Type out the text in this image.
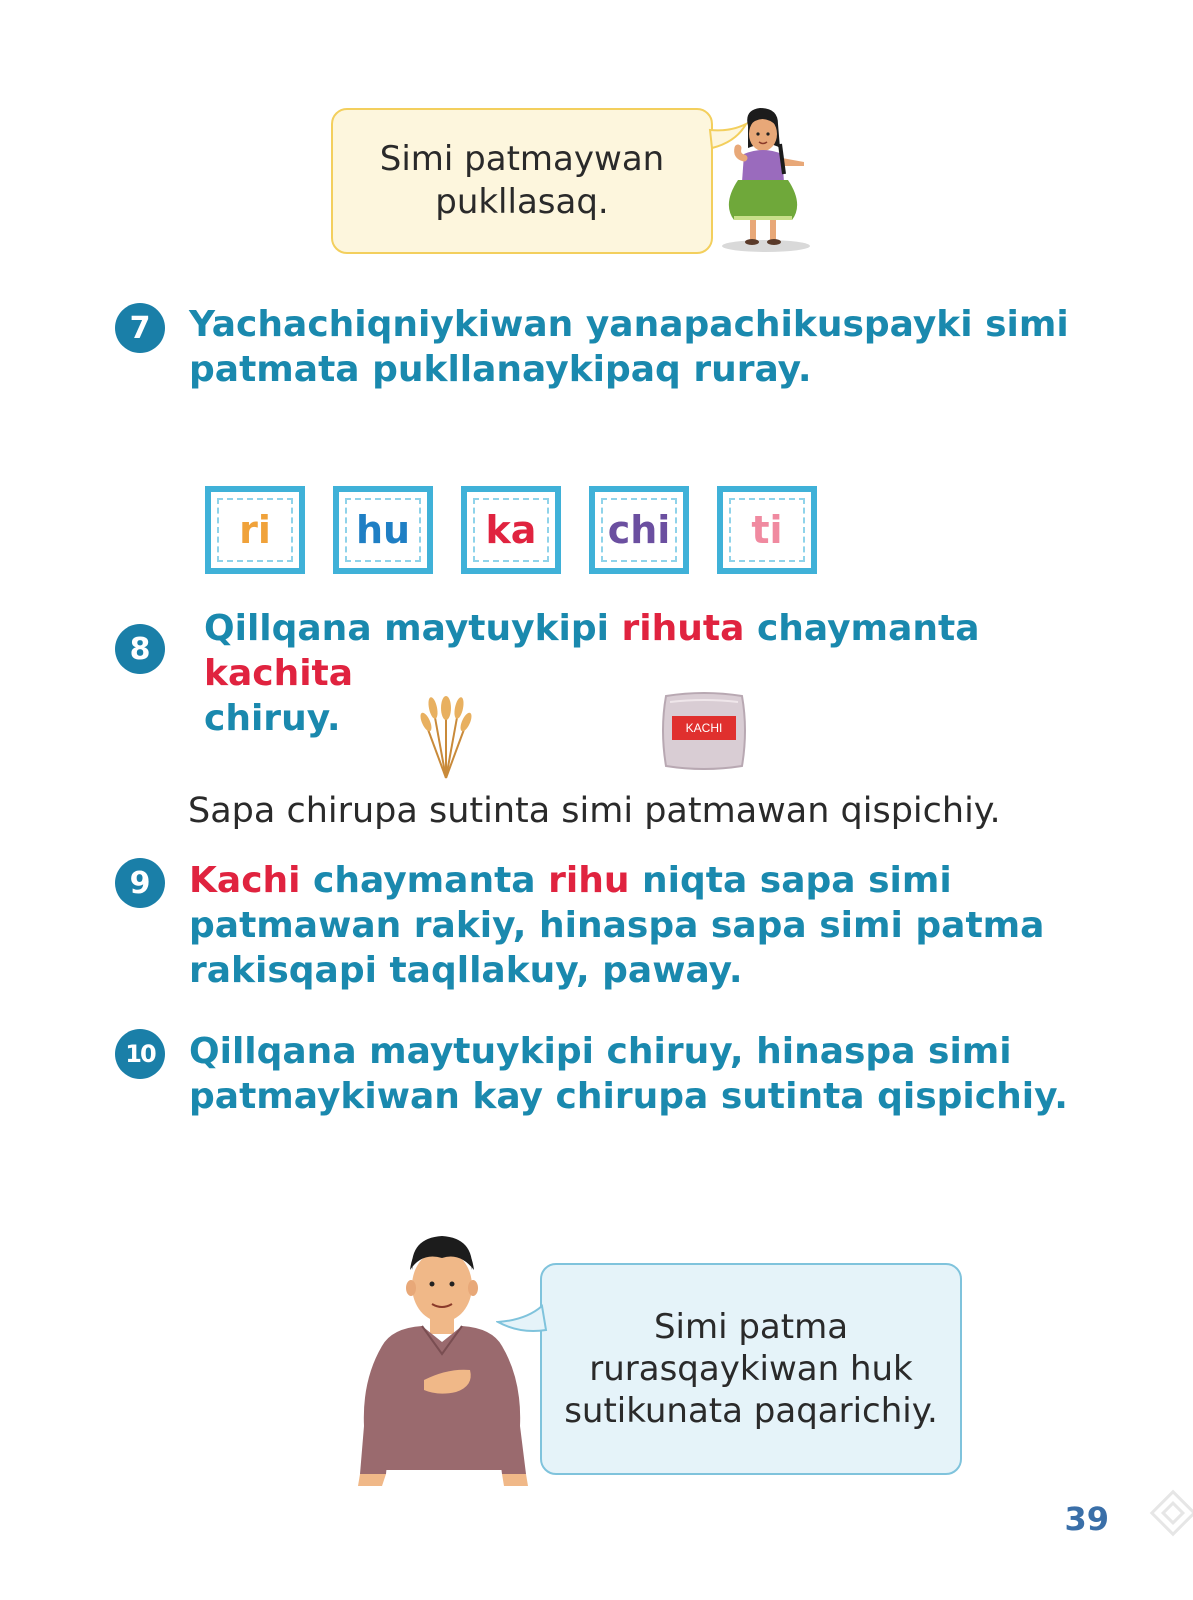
Simi patmaywan
pukllasaq.
7	Yachachiqniykiwan yanapachikuspayki simi
patmata pukllanaykipaq ruray.
ri	hu	ka	chi	ti
8	Qillqana maytuykipi rihuta chaymanta kachita
chiruy.	KACHI
Sapa chirupa sutinta simi patmawan qispichiy.
9	Kachi chaymanta rihu niqta sapa simi
patmawan rakiy, hinaspa sapa simi patma
rakisqapi taqllakuy, paway.
10 Qillqana maytuykipi chiruy, hinaspa simi
patmaykiwan kay chirupa sutinta qispichiy.
Simi patma
rurasqaykiwan huk
sutikunata paqarichiy.
39
